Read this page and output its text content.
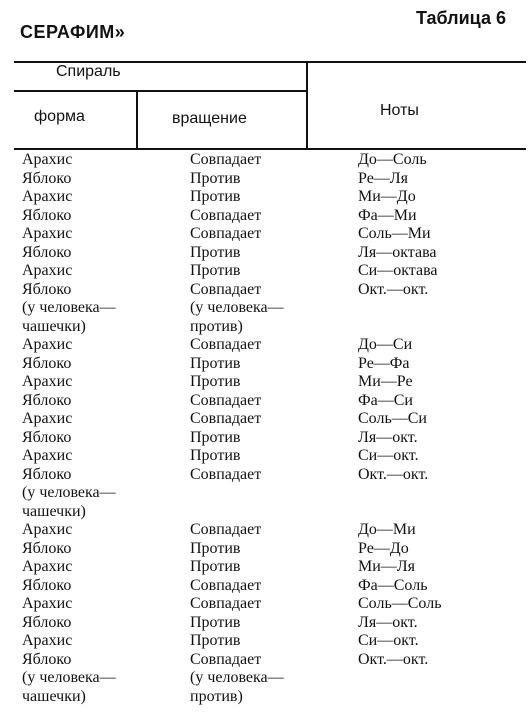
СЕРАФИМ»
Таблица 6
Спираль
форма	вращение	Ноты
Арахис	Совпадает	До—Соль
Яблоко	Против	Ре—Ля
Арахис	Против	Ми—До
Яблоко	Совпадает	Фа—Ми
Арахис	Совпадает	Соль—Ми
Яблоко	Против	Ля—октава
Арахис	Против	Си—октава
Яблоко	Совпадает	Окт.—окт.
(у человека—	(у человека—
чашечки)	против)
Арахис	Совпадает	До—Си
Яблоко	Против	Ре—Фа
Арахис	Против	Ми—Ре
Яблоко	Совпадает	Фа—Си
Арахис	Совпадает	Соль—Си
Яблоко	Против	Ля—окт.
Арахис	Против	Си—окт.
Яблоко	Совпадает	Окт.—окт.
(у человека—
чашечки)
Арахис	Совпадает	До—Ми
Яблоко	Против	Ре—До
Арахис	Против	Ми—Ля
Яблоко	Совпадает	Фа—Соль
Арахис	Совпадает	Соль—Соль
Яблоко	Против	Ля—окт.
Арахис	Против	Си—окт.
Яблоко	Совпадает	Окт.—окт.
(у человека—	(у человека—
чашечки)	против)
